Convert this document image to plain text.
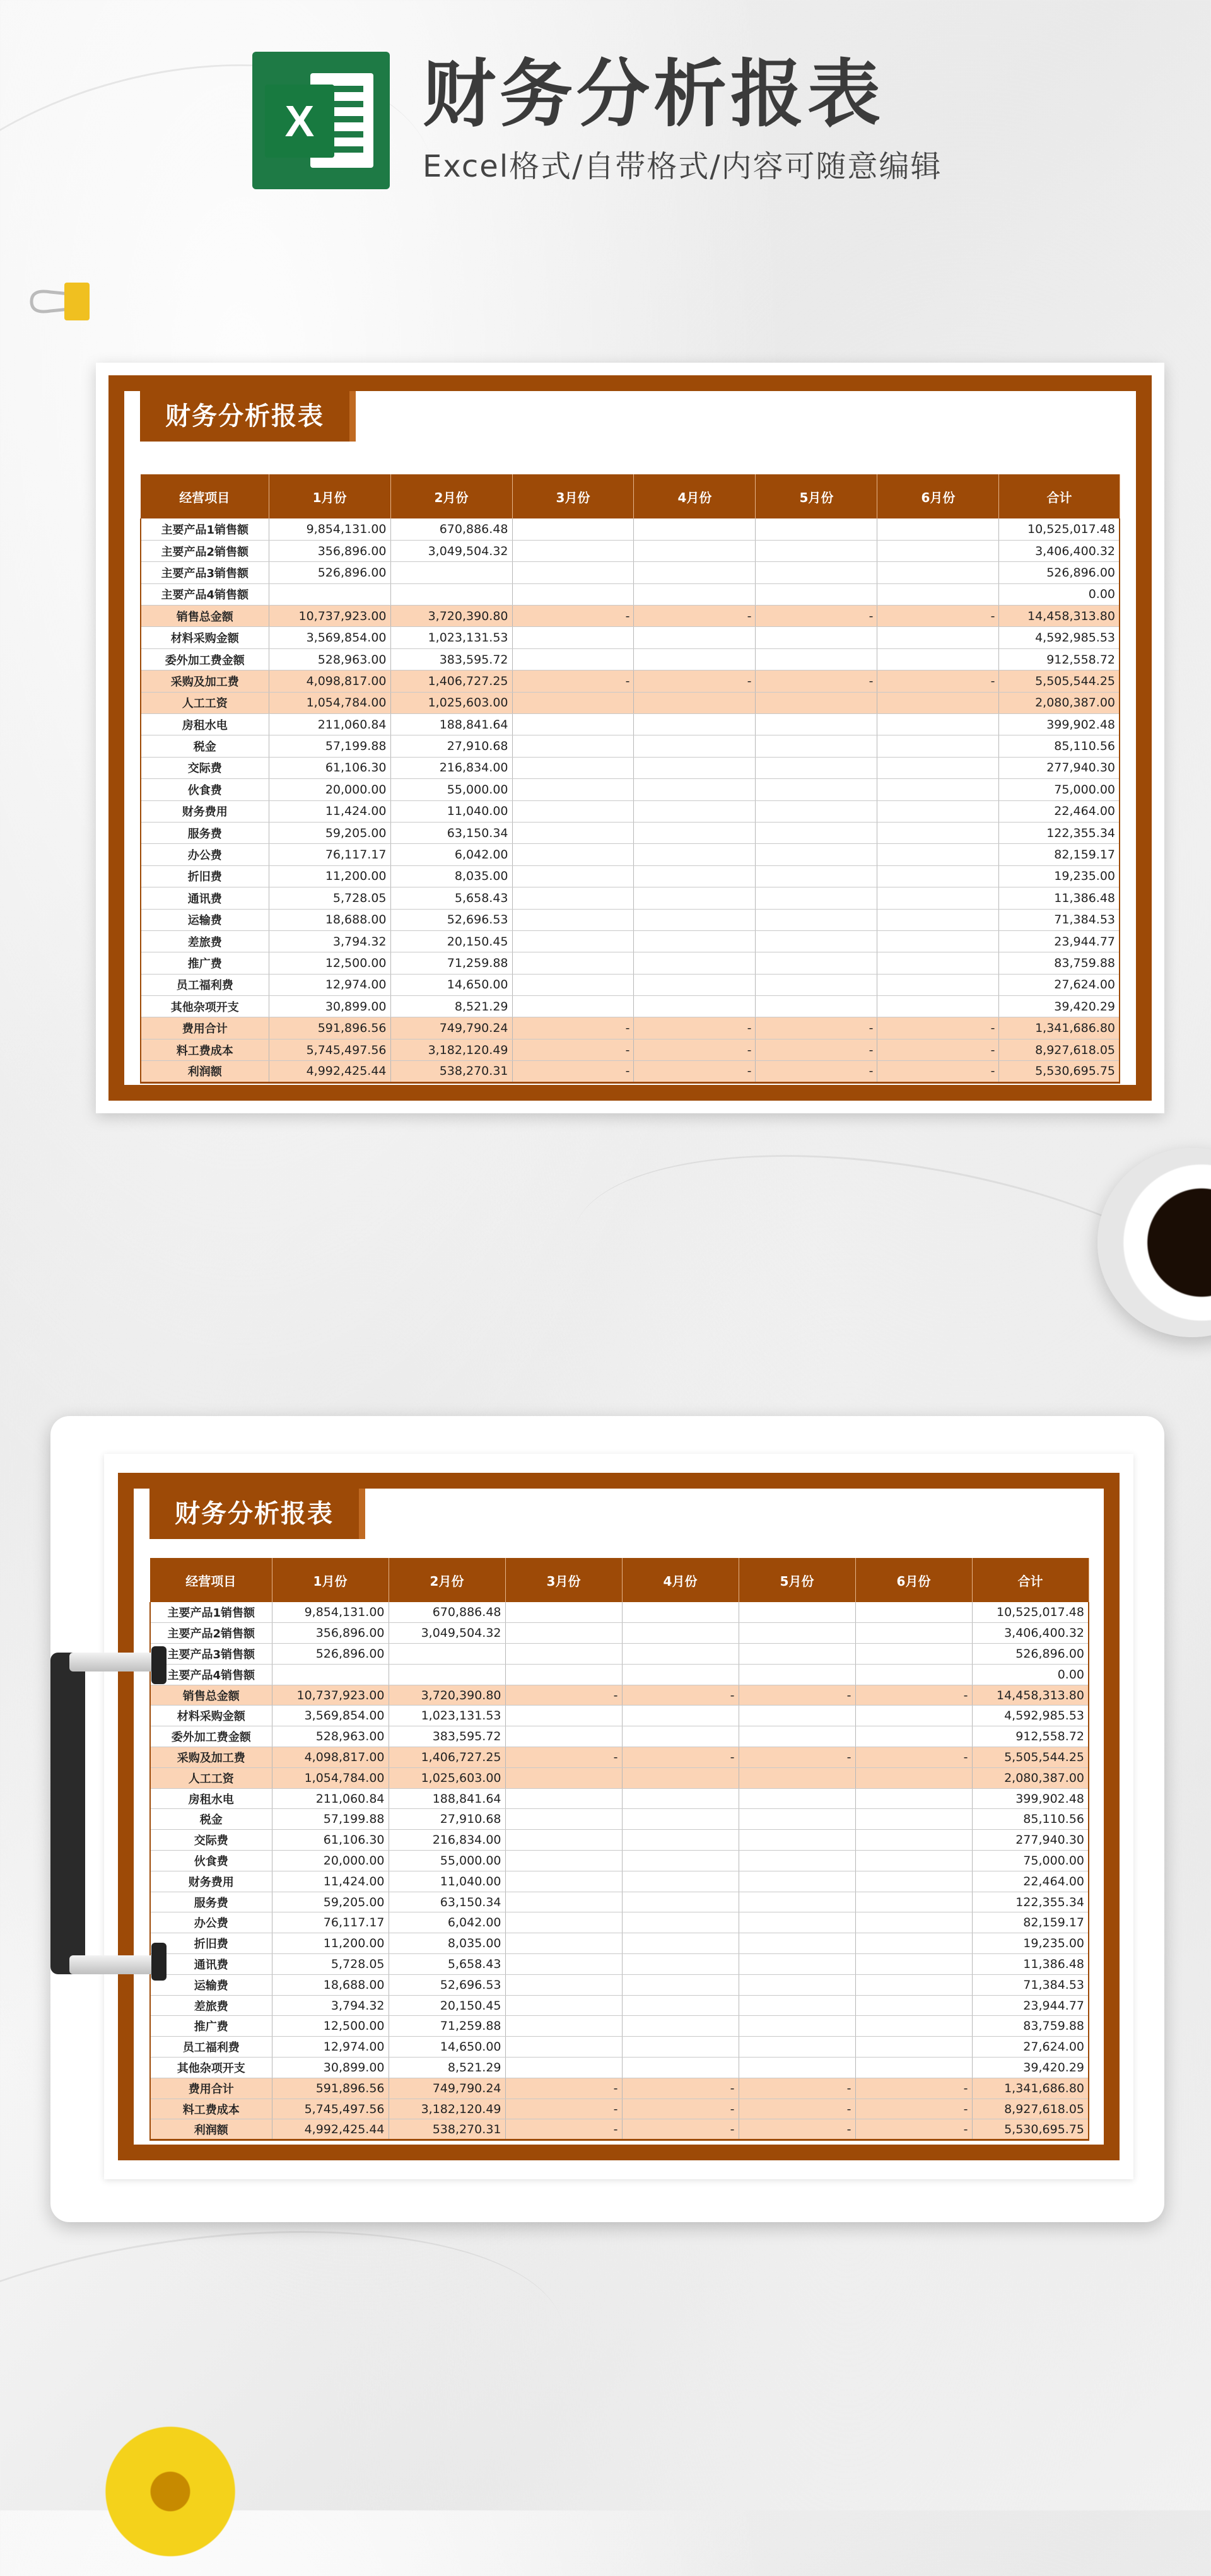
X 财务分析报表
Excel格式/自带格式/内容可随意编辑
财务分析报表
经营项目	1月份	2月份	3月份	4月份	5月份	6月份	合计
主要产品1销售额	9,854,131.00	670,886.48					10,525,017.48
主要产品2销售额	356,896.00	3,049,504.32					3,406,400.32
主要产品3销售额	526,896.00						526,896.00
主要产品4销售额							0.00
销售总金额	10,737,923.00	3,720,390.80	-	-	-	-	14,458,313.80
材料采购金额	3,569,854.00	1,023,131.53					4,592,985.53
委外加工费金额	528,963.00	383,595.72					912,558.72
采购及加工费	4,098,817.00	1,406,727.25	-	-	-	-	5,505,544.25
人工工资	1,054,784.00	1,025,603.00					2,080,387.00
房租水电	211,060.84	188,841.64					399,902.48
税金	57,199.88	27,910.68					85,110.56
交际费	61,106.30	216,834.00					277,940.30
伙食费	20,000.00	55,000.00					75,000.00
财务费用	11,424.00	11,040.00					22,464.00
服务费	59,205.00	63,150.34					122,355.34
办公费	76,117.17	6,042.00					82,159.17
折旧费	11,200.00	8,035.00					19,235.00
通讯费	5,728.05	5,658.43					11,386.48
运输费	18,688.00	52,696.53					71,384.53
差旅费	3,794.32	20,150.45					23,944.77
推广费	12,500.00	71,259.88					83,759.88
员工福利费	12,974.00	14,650.00					27,624.00
其他杂项开支	30,899.00	8,521.29					39,420.29
费用合计	591,896.56	749,790.24	-	-	-	-	1,341,686.80
料工费成本	5,745,497.56	3,182,120.49	-	-	-	-	8,927,618.05
利润额	4,992,425.44	538,270.31	-	-	-	-	5,530,695.75
财务分析报表
经营项目	1月份	2月份	3月份	4月份	5月份	6月份	合计
主要产品1销售额	9,854,131.00	670,886.48					10,525,017.48
主要产品2销售额	356,896.00	3,049,504.32					3,406,400.32
主要产品3销售额	526,896.00						526,896.00
主要产品4销售额							0.00
销售总金额	10,737,923.00	3,720,390.80	-	-	-	-	14,458,313.80
材料采购金额	3,569,854.00	1,023,131.53					4,592,985.53
委外加工费金额	528,963.00	383,595.72					912,558.72
采购及加工费	4,098,817.00	1,406,727.25	-	-	-	-	5,505,544.25
人工工资	1,054,784.00	1,025,603.00					2,080,387.00
房租水电	211,060.84	188,841.64					399,902.48
税金	57,199.88	27,910.68					85,110.56
交际费	61,106.30	216,834.00					277,940.30
伙食费	20,000.00	55,000.00					75,000.00
财务费用	11,424.00	11,040.00					22,464.00
服务费	59,205.00	63,150.34					122,355.34
办公费	76,117.17	6,042.00					82,159.17
折旧费	11,200.00	8,035.00					19,235.00
通讯费	5,728.05	5,658.43					11,386.48
运输费	18,688.00	52,696.53					71,384.53
差旅费	3,794.32	20,150.45					23,944.77
推广费	12,500.00	71,259.88					83,759.88
员工福利费	12,974.00	14,650.00					27,624.00
其他杂项开支	30,899.00	8,521.29					39,420.29
费用合计	591,896.56	749,790.24	-	-	-	-	1,341,686.80
料工费成本	5,745,497.56	3,182,120.49	-	-	-	-	8,927,618.05
利润额	4,992,425.44	538,270.31	-	-	-	-	5,530,695.75
